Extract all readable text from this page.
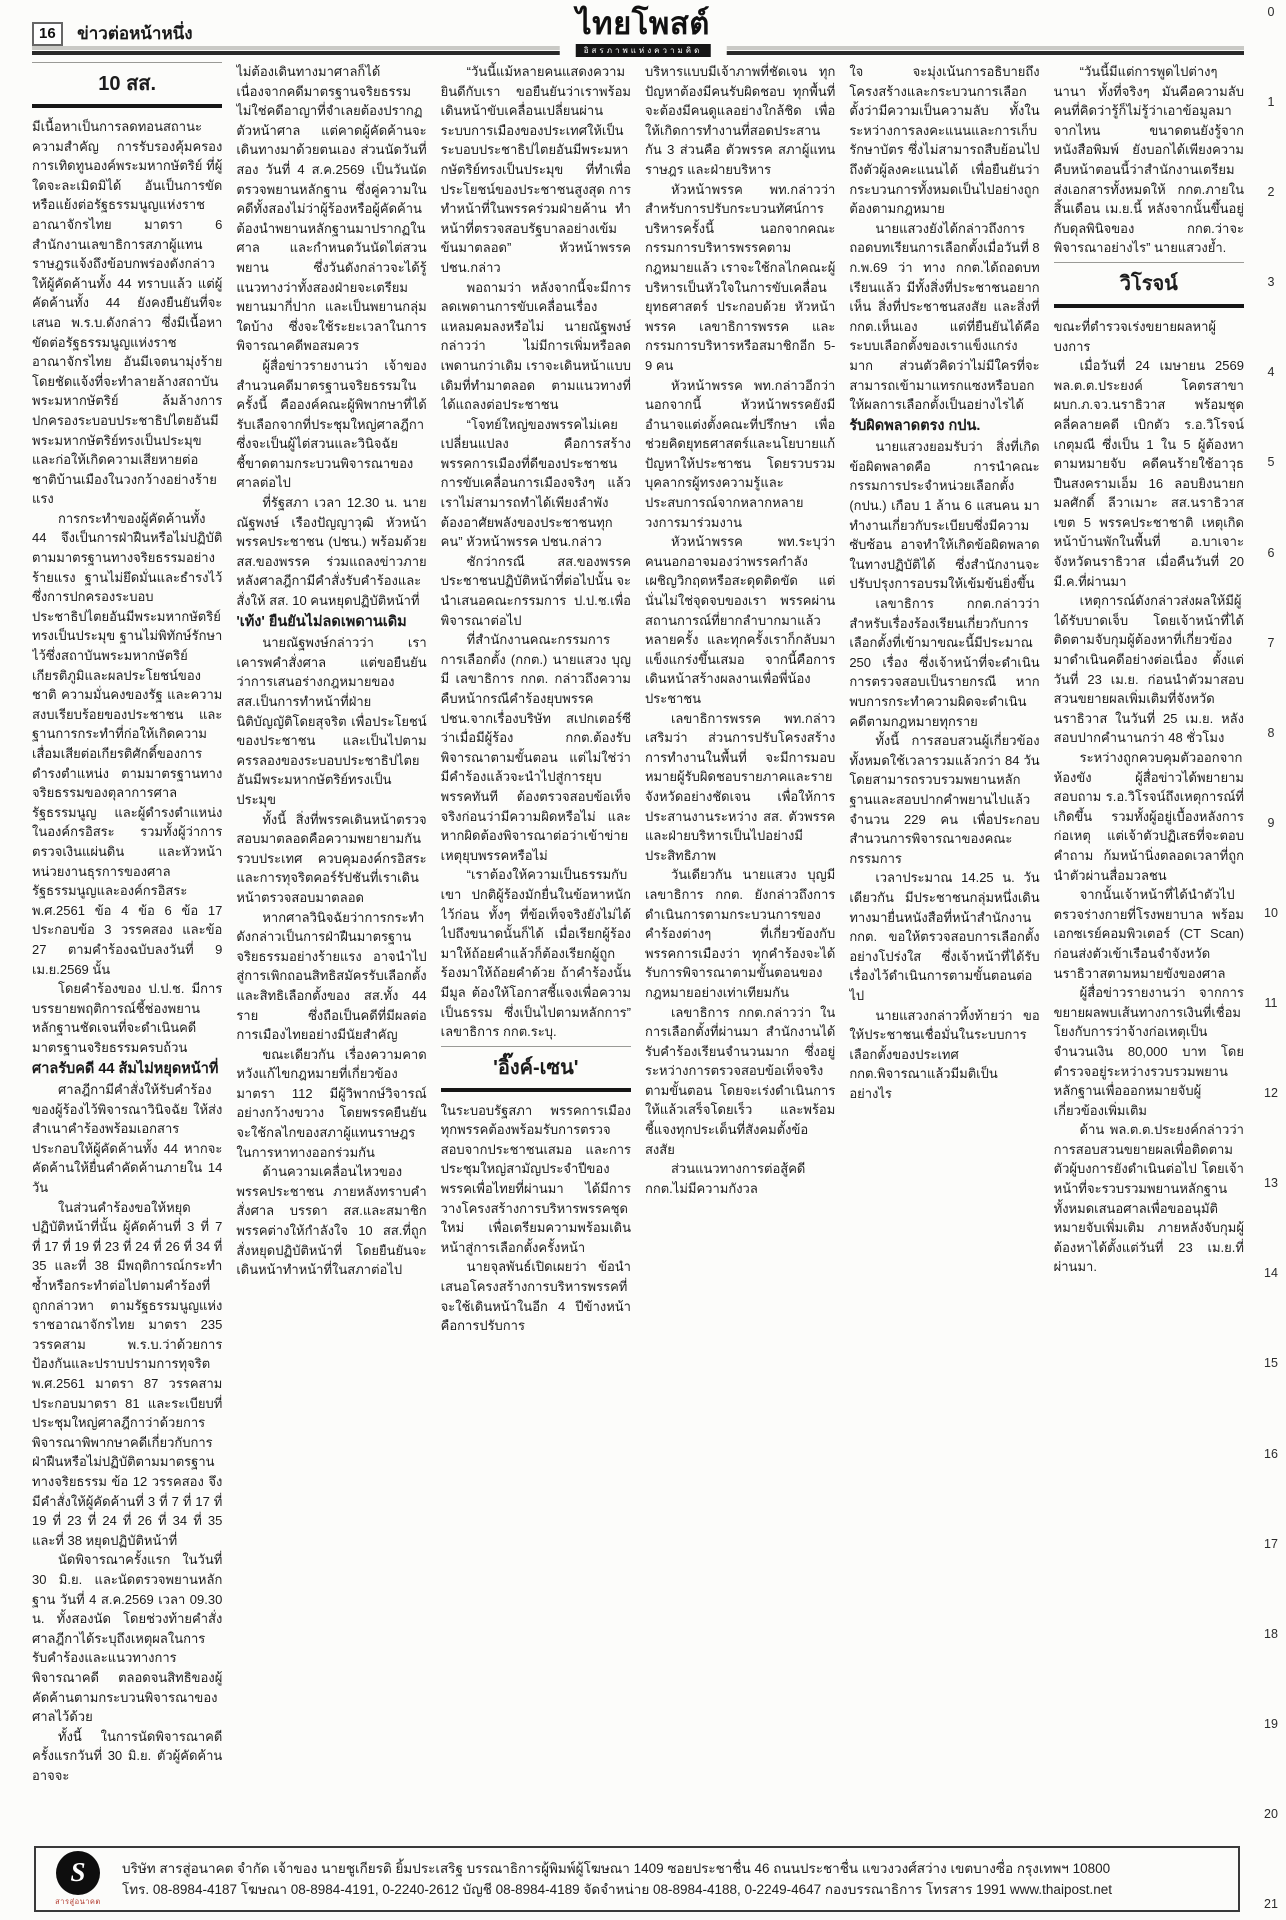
16 ข่าวต่อหน้าหนึ่ง	ไทยโพสต์
อิสรภาพแห่งความคิด
10 สส.
มีเนื้อหาเป็นการลดทอนสถานะความสำคัญ การรับรองคุ้มครอง การเทิดทูนองค์พระมหากษัตริย์ ที่ผู้ใดจะละเมิดมิได้ อันเป็นการขัดหรือแย้งต่อรัฐธรรมนูญแห่งราชอาณาจักรไทย มาตรา 6 สำนักงานเลขาธิการสภาผู้แทนราษฎรแจ้งถึงข้อบกพร่องดังกล่าวให้ผู้คัดค้านทั้ง 44 ทราบแล้ว แต่ผู้คัดค้านทั้ง 44 ยังคงยืนยันที่จะเสนอ พ.ร.บ.ดังกล่าว ซึ่งมีเนื้อหาขัดต่อรัฐธรรมนูญแห่งราชอาณาจักรไทย อันมีเจตนามุ่งร้ายโดยชัดแจ้งที่จะทำลายล้างสถาบันพระมหากษัตริย์ ล้มล้างการปกครองระบอบประชาธิปไตยอันมีพระมหากษัตริย์ทรงเป็นประมุข และก่อให้เกิดความเสียหายต่อชาติบ้านเมืองในวงกว้างอย่างร้ายแรง
การกระทำของผู้คัดค้านทั้ง 44 จึงเป็นการฝ่าฝืนหรือไม่ปฏิบัติตามมาตรฐานทางจริยธรรมอย่างร้ายแรง ฐานไม่ยึดมั่นและธำรงไว้ซึ่งการปกครองระบอบประชาธิปไตยอันมีพระมหากษัตริย์ทรงเป็นประมุข ฐานไม่พิทักษ์รักษาไว้ซึ่งสถาบันพระมหากษัตริย์ เกียรติภูมิและผลประโยชน์ของชาติ ความมั่นคงของรัฐ และความสงบเรียบร้อยของประชาชน และฐานการกระทำที่ก่อให้เกิดความเสื่อมเสียต่อเกียรติศักดิ์ของการดำรงตำแหน่ง ตามมาตรฐานทางจริยธรรมของตุลาการศาลรัฐธรรมนูญ และผู้ดำรงตำแหน่งในองค์กรอิสระ รวมทั้งผู้ว่าการตรวจเงินแผ่นดิน และหัวหน้าหน่วยงานธุรการของศาลรัฐธรรมนูญและองค์กรอิสระ พ.ศ.2561 ข้อ 4 ข้อ 6 ข้อ 17 ประกอบข้อ 3 วรรคสอง และข้อ 27 ตามคำร้องฉบับลงวันที่ 9 เม.ย.2569 นั้น
โดยคำร้องของ ป.ป.ช. มีการบรรยายพฤติการณ์ชี้ช่องพยานหลักฐานชัดเจนที่จะดำเนินคดีมาตรฐานจริยธรรมครบถ้วน
ศาลรับคดี 44 ส้มไม่หยุดหน้าที่
ศาลฎีกามีคำสั่งให้รับคำร้องของผู้ร้องไว้พิจารณาวินิจฉัย ให้ส่งสำเนาคำร้องพร้อมเอกสารประกอบให้ผู้คัดค้านทั้ง 44 หากจะคัดค้านให้ยื่นคำคัดค้านภายใน 14 วัน
ในส่วนคำร้องขอให้หยุดปฏิบัติหน้าที่นั้น ผู้คัดค้านที่ 3 ที่ 7 ที่ 17 ที่ 19 ที่ 23 ที่ 24 ที่ 26 ที่ 34 ที่ 35 และที่ 38 มีพฤติการณ์กระทำซ้ำหรือกระทำต่อไปตามคำร้องที่ถูกกล่าวหา ตามรัฐธรรมนูญแห่งราชอาณาจักรไทย มาตรา 235 วรรคสาม พ.ร.บ.ว่าด้วยการป้องกันและปราบปรามการทุจริต พ.ศ.2561 มาตรา 87 วรรคสาม ประกอบมาตรา 81 และระเบียบที่ประชุมใหญ่ศาลฎีกาว่าด้วยการพิจารณาพิพากษาคดีเกี่ยวกับการฝ่าฝืนหรือไม่ปฏิบัติตามมาตรฐานทางจริยธรรม ข้อ 12 วรรคสอง จึงมีคำสั่งให้ผู้คัดค้านที่ 3 ที่ 7 ที่ 17 ที่ 19 ที่ 23 ที่ 24 ที่ 26 ที่ 34 ที่ 35 และที่ 38 หยุดปฏิบัติหน้าที่
นัดพิจารณาครั้งแรก ในวันที่ 30 มิ.ย. และนัดตรวจพยานหลักฐาน วันที่ 4 ส.ค.2569 เวลา 09.30 น. ทั้งสองนัด โดยช่วงท้ายคำสั่งศาลฎีกาได้ระบุถึงเหตุผลในการรับคำร้องและแนวทางการพิจารณาคดี ตลอดจนสิทธิของผู้คัดค้านตามกระบวนพิจารณาของศาลไว้ด้วย
ทั้งนี้ ในการนัดพิจารณาคดีครั้งแรกวันที่ 30 มิ.ย. ตัวผู้คัดค้านอาจจะ
ไม่ต้องเดินทางมาศาลก็ได้ เนื่องจากคดีมาตรฐานจริยธรรมไม่ใช่คดีอาญาที่จำเลยต้องปรากฏตัวหน้าศาล แต่คาดผู้คัดค้านจะเดินทางมาด้วยตนเอง ส่วนนัดวันที่สอง วันที่ 4 ส.ค.2569 เป็นวันนัดตรวจพยานหลักฐาน ซึ่งคู่ความในคดีทั้งสองไม่ว่าผู้ร้องหรือผู้คัดค้านต้องนำพยานหลักฐานมาปรากฏในศาล และกำหนดวันนัดไต่สวนพยาน ซึ่งวันดังกล่าวจะได้รู้แนวทางว่าทั้งสองฝ่ายจะเตรียมพยานมากี่ปาก และเป็นพยานกลุ่มใดบ้าง ซึ่งจะใช้ระยะเวลาในการพิจารณาคดีพอสมควร
ผู้สื่อข่าวรายงานว่า เจ้าของสำนวนคดีมาตรฐานจริยธรรมในครั้งนี้ คือองค์คณะผู้พิพากษาที่ได้รับเลือกจากที่ประชุมใหญ่ศาลฎีกา ซึ่งจะเป็นผู้ไต่สวนและวินิจฉัยชี้ขาดตามกระบวนพิจารณาของศาลต่อไป
ที่รัฐสภา เวลา 12.30 น. นายณัฐพงษ์ เรืองปัญญาวุฒิ หัวหน้าพรรคประชาชน (ปชน.) พร้อมด้วย สส.ของพรรค ร่วมแถลงข่าวภายหลังศาลฎีกามีคำสั่งรับคำร้องและสั่งให้ สส. 10 คนหยุดปฏิบัติหน้าที่
'เท้ง' ยืนยันไม่ลดเพดานเดิม
นายณัฐพงษ์กล่าวว่า เราเคารพคำสั่งศาล แต่ขอยืนยันว่าการเสนอร่างกฎหมายของ สส.เป็นการทำหน้าที่ฝ่ายนิติบัญญัติโดยสุจริต เพื่อประโยชน์ของประชาชน และเป็นไปตามครรลองของระบอบประชาธิปไตยอันมีพระมหากษัตริย์ทรงเป็นประมุข
ทั้งนี้ สิ่งที่พรรคเดินหน้าตรวจสอบมาตลอดคือความพยายามกันรวบประเทศ ควบคุมองค์กรอิสระ และการทุจริตคอร์รัปชันที่เราเดินหน้าตรวจสอบมาตลอด
หากศาลวินิจฉัยว่าการกระทำดังกล่าวเป็นการฝ่าฝืนมาตรฐานจริยธรรมอย่างร้ายแรง อาจนำไปสู่การเพิกถอนสิทธิสมัครรับเลือกตั้งและสิทธิเลือกตั้งของ สส.ทั้ง 44 ราย ซึ่งถือเป็นคดีที่มีผลต่อการเมืองไทยอย่างมีนัยสำคัญ
ขณะเดียวกัน เรื่องความคาดหวังแก้ไขกฎหมายที่เกี่ยวข้อง มาตรา 112 มีผู้วิพากษ์วิจารณ์อย่างกว้างขวาง โดยพรรคยืนยันจะใช้กลไกของสภาผู้แทนราษฎรในการหาทางออกร่วมกัน
ด้านความเคลื่อนไหวของพรรคประชาชน ภายหลังทราบคำสั่งศาล บรรดา สส.และสมาชิกพรรคต่างให้กำลังใจ 10 สส.ที่ถูกสั่งหยุดปฏิบัติหน้าที่ โดยยืนยันจะเดินหน้าทำหน้าที่ในสภาต่อไป
“วันนี้แม้หลายคนแสดงความยินดีกับเรา ขอยืนยันว่าเราพร้อมเดินหน้าขับเคลื่อนเปลี่ยนผ่านระบบการเมืองของประเทศให้เป็นระบอบประชาธิปไตยอันมีพระมหากษัตริย์ทรงเป็นประมุข ที่ทำเพื่อประโยชน์ของประชาชนสูงสุด การทำหน้าที่ในพรรคร่วมฝ่ายค้าน ทำหน้าที่ตรวจสอบรัฐบาลอย่างเข้มข้นมาตลอด” หัวหน้าพรรค ปชน.กล่าว
พอถามว่า หลังจากนี้จะมีการลดเพดานการขับเคลื่อนเรื่องแหลมคมลงหรือไม่ นายณัฐพงษ์กล่าวว่า ไม่มีการเพิ่มหรือลดเพดานกว่าเดิม เราจะเดินหน้าแบบเดิมที่ทำมาตลอด ตามแนวทางที่ได้แถลงต่อประชาชน
“โจทย์ใหญ่ของพรรคไม่เคยเปลี่ยนแปลง คือการสร้างพรรคการเมืองที่ดีของประชาชน การขับเคลื่อนการเมืองจริงๆ แล้วเราไม่สามารถทำได้เพียงลำพัง ต้องอาศัยพลังของประชาชนทุกคน” หัวหน้าพรรค ปชน.กล่าว
ซักว่ากรณี สส.ของพรรคประชาชนปฏิบัติหน้าที่ต่อไปนั้น จะนำเสนอคณะกรรมการ ป.ป.ช.เพื่อพิจารณาต่อไป
ที่สำนักงานคณะกรรมการการเลือกตั้ง (กกต.) นายแสวง บุญมี เลขาธิการ กกต. กล่าวถึงความคืบหน้ากรณีคำร้องยุบพรรค ปชน.จากเรื่องบริษัท สเปกเตอร์ซี ว่าเมื่อมีผู้ร้อง กกต.ต้องรับพิจารณาตามขั้นตอน แต่ไม่ใช่ว่ามีคำร้องแล้วจะนำไปสู่การยุบพรรคทันที ต้องตรวจสอบข้อเท็จจริงก่อนว่ามีความผิดหรือไม่ และหากผิดต้องพิจารณาต่อว่าเข้าข่ายเหตุยุบพรรคหรือไม่
“เราต้องให้ความเป็นธรรมกับเขา ปกติผู้ร้องมักยื่นในข้อหาหนักไว้ก่อน ทั้งๆ ที่ข้อเท็จจริงยังไม่ได้ไปถึงขนาดนั้นก็ได้ เมื่อเรียกผู้ร้องมาให้ถ้อยคำแล้วก็ต้องเรียกผู้ถูกร้องมาให้ถ้อยคำด้วย ถ้าคำร้องนั้นมีมูล ต้องให้โอกาสชี้แจงเพื่อความเป็นธรรม ซึ่งเป็นไปตามหลักการ” เลขาธิการ กกต.ระบุ.
'อิ๊งค์-เซน'
ในระบอบรัฐสภา พรรคการเมืองทุกพรรคต้องพร้อมรับการตรวจสอบจากประชาชนเสมอ และการประชุมใหญ่สามัญประจำปีของพรรคเพื่อไทยที่ผ่านมา ได้มีการวางโครงสร้างการบริหารพรรคชุดใหม่ เพื่อเตรียมความพร้อมเดินหน้าสู่การเลือกตั้งครั้งหน้า
นายจุลพันธ์เปิดเผยว่า ข้อนำเสนอโครงสร้างการบริหารพรรคที่จะใช้เดินหน้าในอีก 4 ปีข้างหน้า คือการปรับการ
บริหารแบบมีเจ้าภาพที่ชัดเจน ทุกปัญหาต้องมีคนรับผิดชอบ ทุกพื้นที่จะต้องมีคนดูแลอย่างใกล้ชิด เพื่อให้เกิดการทำงานที่สอดประสานกัน 3 ส่วนคือ ตัวพรรค สภาผู้แทนราษฎร และฝ่ายบริหาร
หัวหน้าพรรค พท.กล่าวว่า สำหรับการปรับกระบวนทัศน์การบริหารครั้งนี้ นอกจากคณะกรรมการบริหารพรรคตามกฎหมายแล้ว เราจะใช้กลไกคณะผู้บริหารเป็นหัวใจในการขับเคลื่อนยุทธศาสตร์ ประกอบด้วย หัวหน้าพรรค เลขาธิการพรรค และกรรมการบริหารหรือสมาชิกอีก 5-9 คน
หัวหน้าพรรค พท.กล่าวอีกว่า นอกจากนี้ หัวหน้าพรรคยังมีอำนาจแต่งตั้งคณะที่ปรึกษา เพื่อช่วยคิดยุทธศาสตร์และนโยบายแก้ปัญหาให้ประชาชน โดยรวบรวมบุคลากรผู้ทรงความรู้และประสบการณ์จากหลากหลายวงการมาร่วมงาน
หัวหน้าพรรค พท.ระบุว่า คนนอกอาจมองว่าพรรคกำลังเผชิญวิกฤตหรือสะดุดติดขัด แต่นั่นไม่ใช่จุดจบของเรา พรรคผ่านสถานการณ์ที่ยากลำบากมาแล้วหลายครั้ง และทุกครั้งเราก็กลับมาแข็งแกร่งขึ้นเสมอ จากนี้คือการเดินหน้าสร้างผลงานเพื่อพี่น้องประชาชน
เลขาธิการพรรค พท.กล่าวเสริมว่า ส่วนการปรับโครงสร้างการทำงานในพื้นที่ จะมีการมอบหมายผู้รับผิดชอบรายภาคและรายจังหวัดอย่างชัดเจน เพื่อให้การประสานงานระหว่าง สส. ตัวพรรค และฝ่ายบริหารเป็นไปอย่างมีประสิทธิภาพ
วันเดียวกัน นายแสวง บุญมี เลขาธิการ กกต. ยังกล่าวถึงการดำเนินการตามกระบวนการของคำร้องต่างๆ ที่เกี่ยวข้องกับพรรคการเมืองว่า ทุกคำร้องจะได้รับการพิจารณาตามขั้นตอนของกฎหมายอย่างเท่าเทียมกัน
เลขาธิการ กกต.กล่าวว่า ในการเลือกตั้งที่ผ่านมา สำนักงานได้รับคำร้องเรียนจำนวนมาก ซึ่งอยู่ระหว่างการตรวจสอบข้อเท็จจริงตามขั้นตอน โดยจะเร่งดำเนินการให้แล้วเสร็จโดยเร็ว และพร้อมชี้แจงทุกประเด็นที่สังคมตั้งข้อสงสัย
ส่วนแนวทางการต่อสู้คดี กกต.ไม่มีความกังวล
ใจ จะมุ่งเน้นการอธิบายถึงโครงสร้างและกระบวนการเลือกตั้งว่ามีความเป็นความลับ ทั้งในระหว่างการลงคะแนนและการเก็บรักษาบัตร ซึ่งไม่สามารถสืบย้อนไปถึงตัวผู้ลงคะแนนได้ เพื่อยืนยันว่ากระบวนการทั้งหมดเป็นไปอย่างถูกต้องตามกฎหมาย
นายแสวงยังได้กล่าวถึงการถอดบทเรียนการเลือกตั้งเมื่อวันที่ 8 ก.พ.69 ว่า ทาง กกต.ได้ถอดบทเรียนแล้ว มีทั้งสิ่งที่ประชาชนอยากเห็น สิ่งที่ประชาชนสงสัย และสิ่งที่ กกต.เห็นเอง แต่ที่ยืนยันได้คือระบบเลือกตั้งของเราแข็งแกร่งมาก ส่วนตัวคิดว่าไม่มีใครที่จะสามารถเข้ามาแทรกแซงหรือบอกให้ผลการเลือกตั้งเป็นอย่างไรได้
รับผิดพลาดตรง กปน.
นายแสวงยอมรับว่า สิ่งที่เกิดข้อผิดพลาดคือ การนำคณะกรรมการประจำหน่วยเลือกตั้ง (กปน.) เกือบ 1 ล้าน 6 แสนคน มาทำงานเกี่ยวกับระเบียบซึ่งมีความซับซ้อน อาจทำให้เกิดข้อผิดพลาดในทางปฏิบัติได้ ซึ่งสำนักงานจะปรับปรุงการอบรมให้เข้มข้นยิ่งขึ้น
เลขาธิการ กกต.กล่าวว่า สำหรับเรื่องร้องเรียนเกี่ยวกับการเลือกตั้งที่เข้ามาขณะนี้มีประมาณ 250 เรื่อง ซึ่งเจ้าหน้าที่จะดำเนินการตรวจสอบเป็นรายกรณี หากพบการกระทำความผิดจะดำเนินคดีตามกฎหมายทุกราย
ทั้งนี้ การสอบสวนผู้เกี่ยวข้องทั้งหมดใช้เวลารวมแล้วกว่า 84 วัน โดยสามารถรวบรวมพยานหลักฐานและสอบปากคำพยานไปแล้วจำนวน 229 คน เพื่อประกอบสำนวนการพิจารณาของคณะกรรมการ
เวลาประมาณ 14.25 น. วันเดียวกัน มีประชาชนกลุ่มหนึ่งเดินทางมายื่นหนังสือที่หน้าสำนักงาน กกต. ขอให้ตรวจสอบการเลือกตั้งอย่างโปร่งใส ซึ่งเจ้าหน้าที่ได้รับเรื่องไว้ดำเนินการตามขั้นตอนต่อไป
นายแสวงกล่าวทิ้งท้ายว่า ขอให้ประชาชนเชื่อมั่นในระบบการเลือกตั้งของประเทศ กกต.พิจารณาแล้วมีมติเป็นอย่างไร
“วันนี้มีแต่การพูดไปต่างๆ นานา ทั้งที่จริงๆ มันคือความลับ คนที่คิดว่ารู้ก็ไม่รู้ว่าเอาข้อมูลมาจากไหน ขนาดตนยังรู้จากหนังสือพิมพ์ ยังบอกได้เพียงความคืบหน้าตอนนี้ว่าสำนักงานเตรียมส่งเอกสารทั้งหมดให้ กกต.ภายในสิ้นเดือน เม.ย.นี้ หลังจากนั้นขึ้นอยู่กับดุลพินิจของ กกต.ว่าจะพิจารณาอย่างไร” นายแสวงย้ำ.
วิโรจน์
ขณะที่ตำรวจเร่งขยายผลหาผู้บงการ
เมื่อวันที่ 24 เมษายน 2569 พล.ต.ต.ประยงค์ โคตรสาขา ผบก.ภ.จว.นราธิวาส พร้อมชุดคลี่คลายคดี เบิกตัว ร.อ.วิโรจน์ เกตุมณี ซึ่งเป็น 1 ใน 5 ผู้ต้องหาตามหมายจับ คดีคนร้ายใช้อาวุธปืนสงครามเอ็ม 16 ลอบยิงนายกมลศักดิ์ ลีวาเมาะ สส.นราธิวาส เขต 5 พรรคประชาชาติ เหตุเกิดหน้าบ้านพักในพื้นที่ อ.บาเจาะ จังหวัดนราธิวาส เมื่อคืนวันที่ 20 มี.ค.ที่ผ่านมา
เหตุการณ์ดังกล่าวส่งผลให้มีผู้ได้รับบาดเจ็บ โดยเจ้าหน้าที่ได้ติดตามจับกุมผู้ต้องหาที่เกี่ยวข้องมาดำเนินคดีอย่างต่อเนื่อง ตั้งแต่วันที่ 23 เม.ย. ก่อนนำตัวมาสอบสวนขยายผลเพิ่มเติมที่จังหวัดนราธิวาส ในวันที่ 25 เม.ย. หลังสอบปากคำนานกว่า 48 ชั่วโมง
ระหว่างถูกควบคุมตัวออกจากห้องขัง ผู้สื่อข่าวได้พยายามสอบถาม ร.อ.วิโรจน์ถึงเหตุการณ์ที่เกิดขึ้น รวมทั้งผู้อยู่เบื้องหลังการก่อเหตุ แต่เจ้าตัวปฏิเสธที่จะตอบคำถาม ก้มหน้านิ่งตลอดเวลาที่ถูกนำตัวผ่านสื่อมวลชน
จากนั้นเจ้าหน้าที่ได้นำตัวไปตรวจร่างกายที่โรงพยาบาล พร้อมเอกซเรย์คอมพิวเตอร์ (CT Scan) ก่อนส่งตัวเข้าเรือนจำจังหวัดนราธิวาสตามหมายขังของศาล
ผู้สื่อข่าวรายงานว่า จากการขยายผลพบเส้นทางการเงินที่เชื่อมโยงกับการว่าจ้างก่อเหตุเป็นจำนวนเงิน 80,000 บาท โดยตำรวจอยู่ระหว่างรวบรวมพยานหลักฐานเพื่อออกหมายจับผู้เกี่ยวข้องเพิ่มเติม
ด้าน พล.ต.ต.ประยงค์กล่าวว่า การสอบสวนขยายผลเพื่อติดตามตัวผู้บงการยังดำเนินต่อไป โดยเจ้าหน้าที่จะรวบรวมพยานหลักฐานทั้งหมดเสนอศาลเพื่อขออนุมัติหมายจับเพิ่มเติม ภายหลังจับกุมผู้ต้องหาได้ตั้งแต่วันที่ 23 เม.ย.ที่ผ่านมา.
0
1
2
3
4
5
6
7
8
9
10
11
12
13
14
15
16
17
18
19
20
21
S
สารสู่อนาคต
บริษัท สารสู่อนาคต จำกัด เจ้าของ นายชูเกียรติ ยิ้มประเสริฐ บรรณาธิการผู้พิมพ์ผู้โฆษณา 1409 ซอยประชาชื่น 46 ถนนประชาชื่น แขวงวงศ์สว่าง เขตบางซื่อ กรุงเทพฯ 10800
โทร. 08-8984-4187 โฆษณา 08-8984-4191, 0-2240-2612 บัญชี 08-8984-4189 จัดจำหน่าย 08-8984-4188, 0-2249-4647 กองบรรณาธิการ โทรสาร 1991 www.thaipost.net
